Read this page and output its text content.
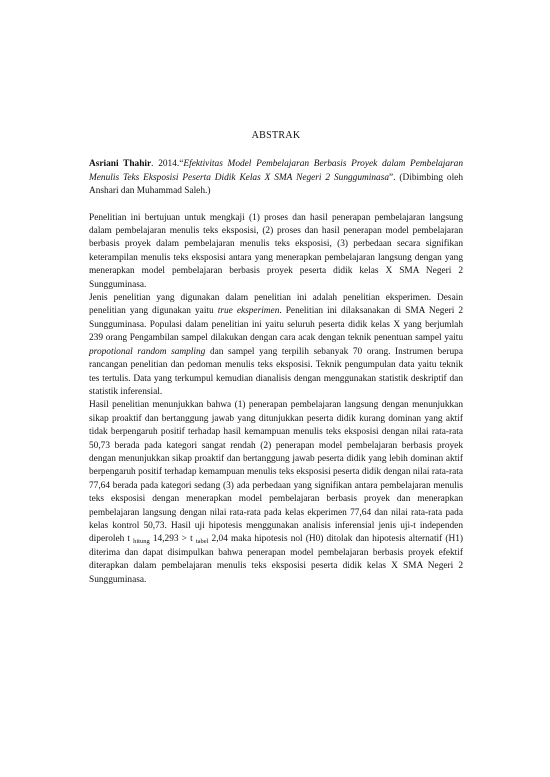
ABSTRAK
Asriani Thahir. 2014.“Efektivitas Model Pembelajaran Berbasis Proyek dalam Pembelajaran Menulis Teks Eksposisi Peserta Didik Kelas X SMA Negeri 2 Sungguminasa”. (Dibimbing oleh Anshari dan Muhammad Saleh.)

Penelitian ini bertujuan untuk mengkaji (1) proses dan hasil penerapan pembelajaran langsung dalam pembelajaran menulis teks eksposisi, (2) proses dan hasil penerapan model pembelajaran berbasis proyek dalam pembelajaran menulis teks eksposisi, (3) perbedaan secara signifikan keterampilan menulis teks eksposisi antara yang menerapkan pembelajaran langsung dengan yang menerapkan model pembelajaran berbasis proyek peserta didik kelas X SMA Negeri 2 Sungguminasa.

Jenis penelitian yang digunakan dalam penelitian ini adalah penelitian eksperimen. Desain penelitian yang digunakan yaitu true eksperimen. Penelitian ini dilaksanakan di SMA Negeri 2 Sungguminasa. Populasi dalam penelitian ini yaitu seluruh peserta didik kelas X yang berjumlah 239 orang Pengambilan sampel dilakukan dengan cara acak dengan teknik penentuan sampel yaitu propotional random sampling dan sampel yang terpilih sebanyak 70 orang. Instrumen berupa rancangan penelitian dan pedoman menulis teks eksposisi. Teknik pengumpulan data yaitu teknik tes tertulis. Data yang terkumpul kemudian dianalisis dengan menggunakan statistik deskriptif dan statistik inferensial.

Hasil penelitian menunjukkan bahwa (1) penerapan pembelajaran langsung dengan menunjukkan sikap proaktif dan bertanggung jawab yang ditunjukkan peserta didik kurang dominan yang aktif tidak berpengaruh positif terhadap hasil kemampuan menulis teks eksposisi dengan nilai rata-rata 50,73 berada pada kategori sangat rendah (2) penerapan model pembelajaran berbasis proyek dengan menunjukkan sikap proaktif dan bertanggung jawab peserta didik yang lebih dominan aktif berpengaruh positif terhadap kemampuan menulis teks eksposisi peserta didik dengan nilai rata-rata 77,64 berada pada kategori sedang (3) ada perbedaan yang signifikan antara pembelajaran menulis teks eksposisi dengan menerapkan model pembelajaran berbasis proyek dan menerapkan pembelajaran langsung dengan nilai rata-rata pada kelas ekperimen 77,64 dan nilai rata-rata pada kelas kontrol 50,73. Hasil uji hipotesis menggunakan analisis inferensial jenis uji-t independen diperoleh t $_{hitung}$ 14,293 > t $_{tabel}$ 2,04 maka hipotesis nol (H0) ditolak dan hipotesis alternatif (H1) diterima dan dapat disimpulkan bahwa penerapan model pembelajaran berbasis proyek efektif diterapkan dalam pembelajaran menulis teks eksposisi peserta didik kelas X SMA Negeri 2 Sungguminasa.
